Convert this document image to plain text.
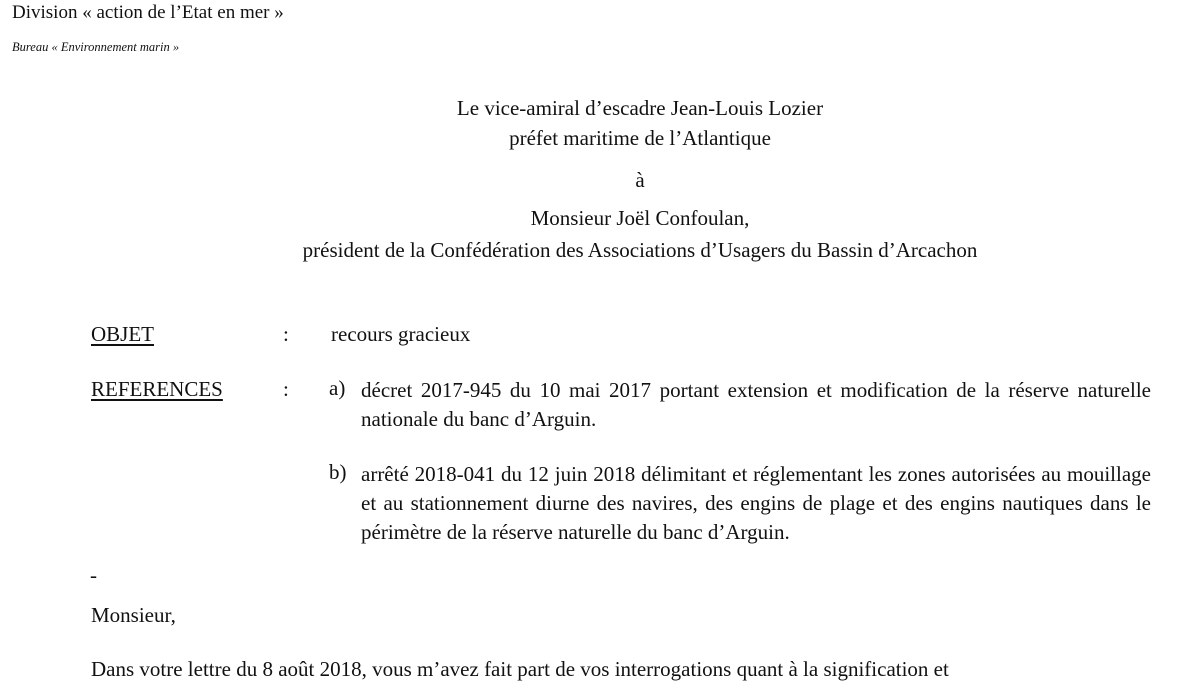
Division « action de l’Etat en mer »
Bureau « Environnement marin »
Le vice-amiral d’escadre Jean-Louis Lozier
préfet maritime de l’Atlantique
à
Monsieur Joël Confoulan,
président de la Confédération des Associations d’Usagers du Bassin d’Arcachon
OBJET	: recours gracieux
REFERENCES	: a) décret 2017-945 du 10 mai 2017 portant extension et modification de la réserve naturelle nationale du banc d’Arguin.
b) arrêté 2018-041 du 12 juin 2018 délimitant et réglementant les zones autorisées au mouillage et au stationnement diurne des navires, des engins de plage et des engins nautiques dans le périmètre de la réserve naturelle du banc d’Arguin.
-
Monsieur,
Dans votre lettre du 8 août 2018, vous m’avez fait part de vos interrogations quant à la signification et
